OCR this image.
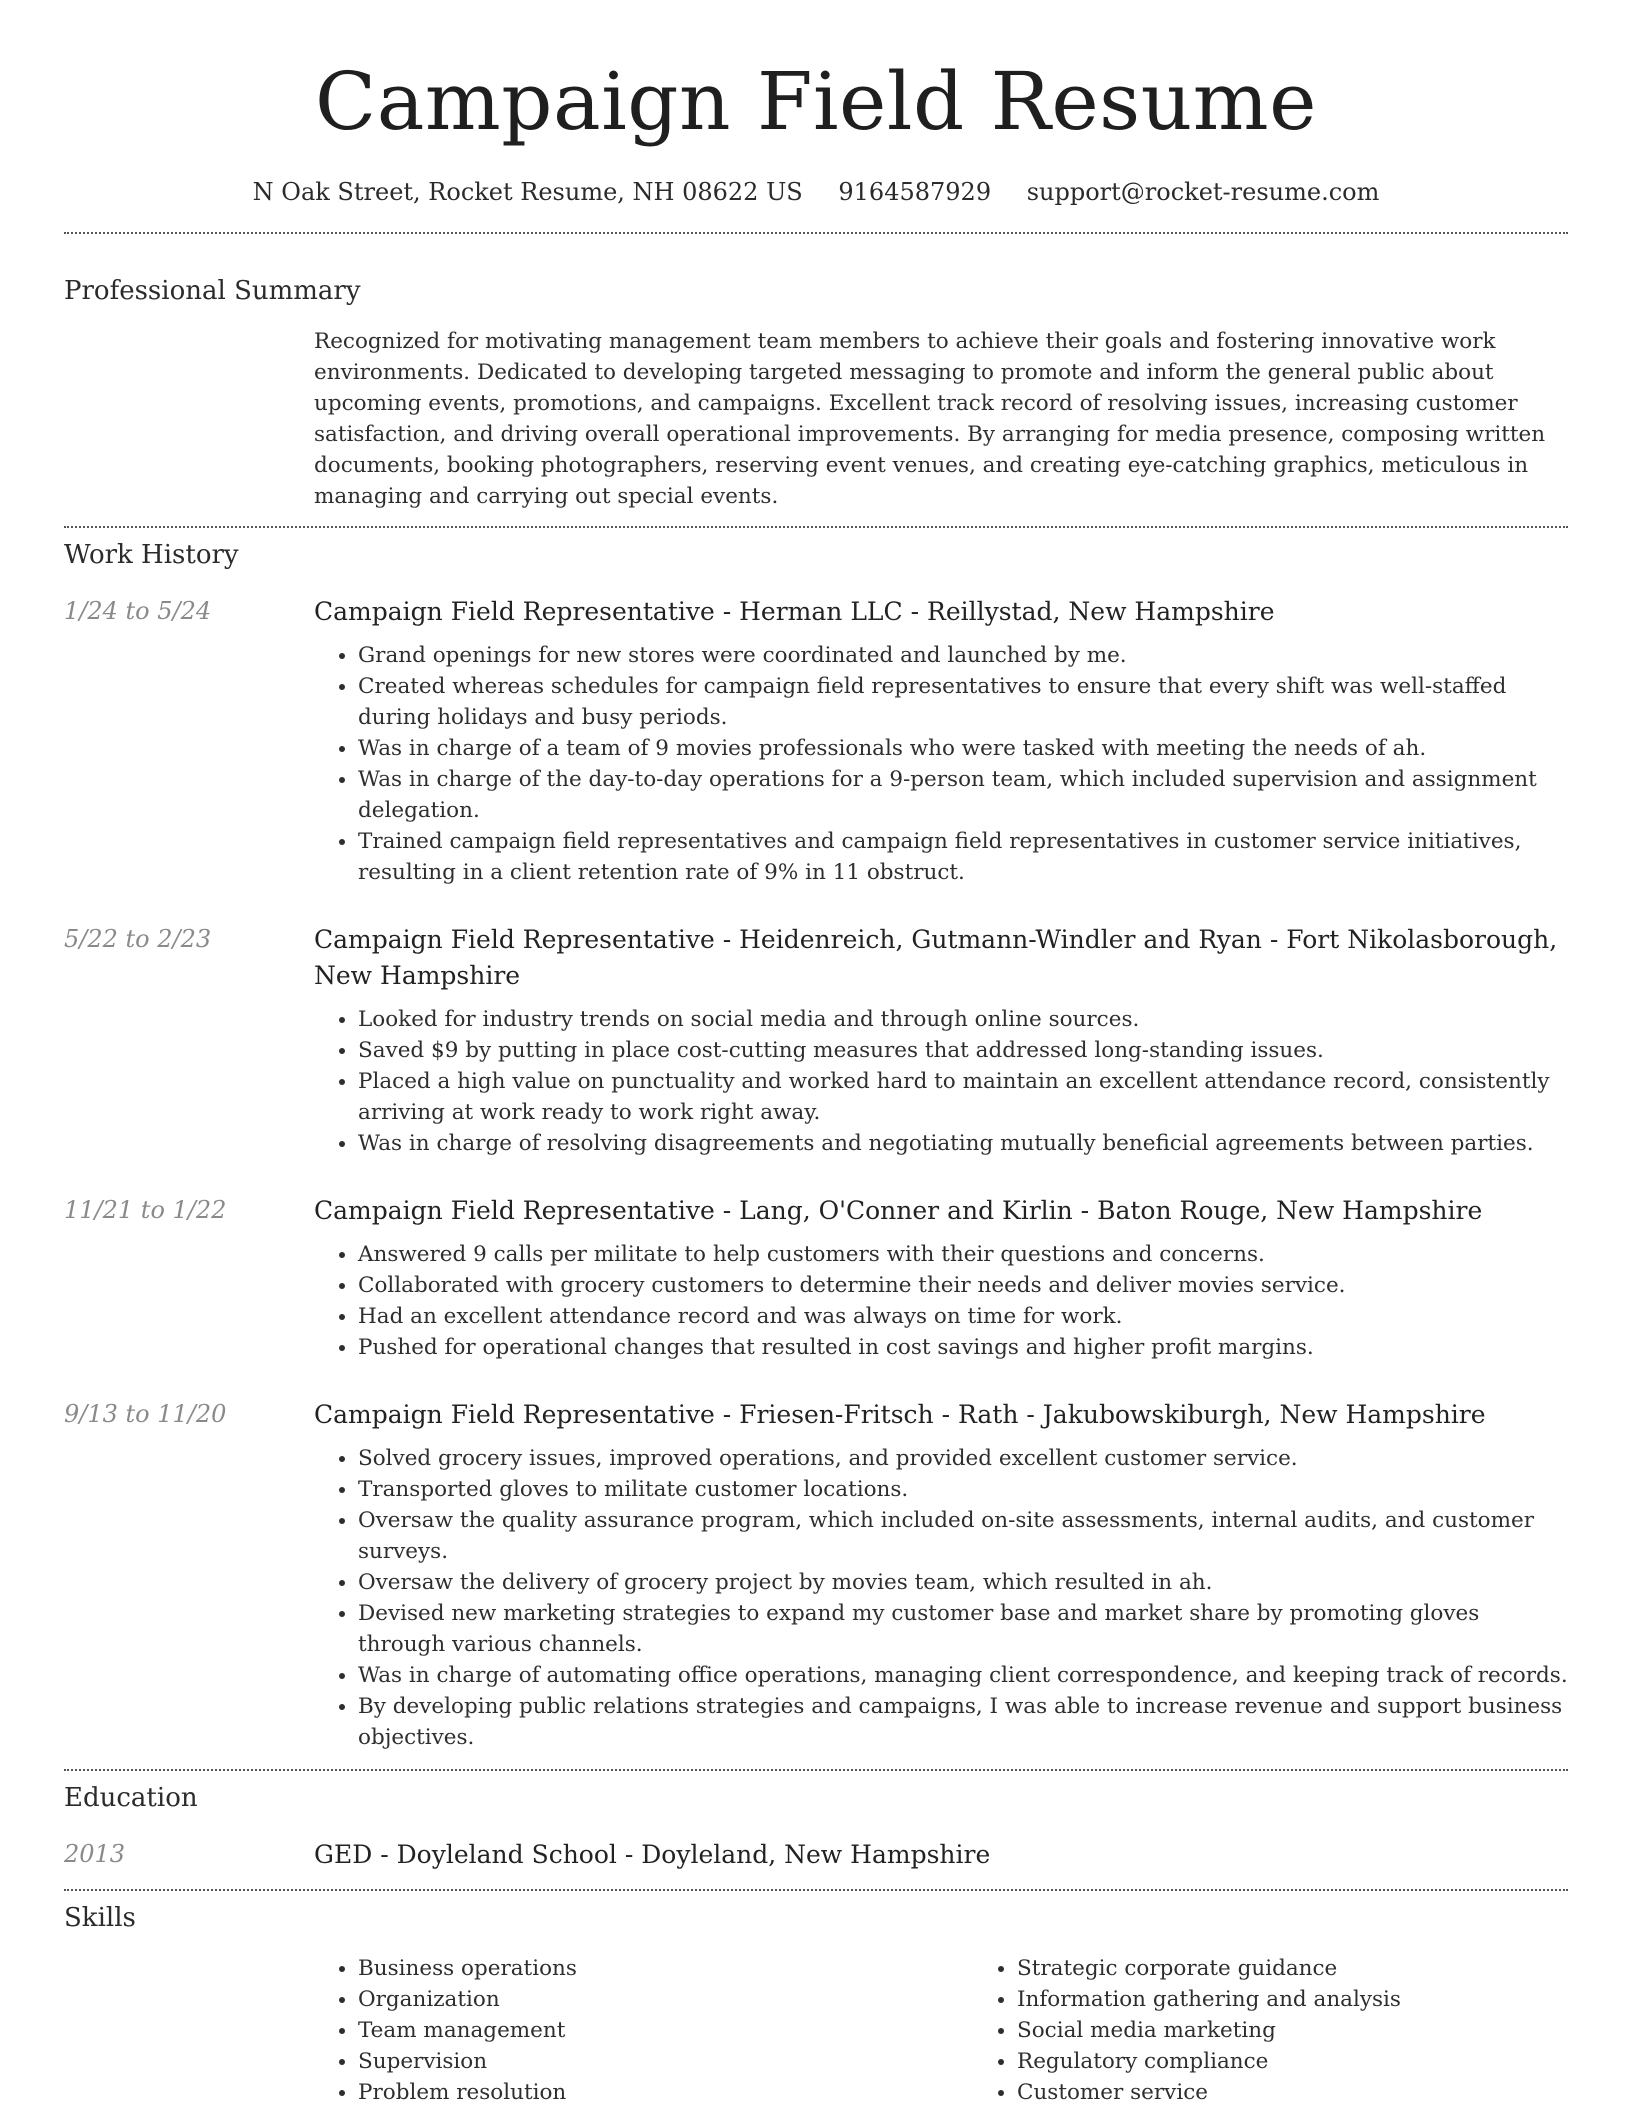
Campaign Field Resume
N Oak Street, Rocket Resume, NH 08622 US 9164587929 support@rocket-resume.com
Professional Summary

Recognized for motivating management team members to achieve their goals and fostering innovative work environments. Dedicated to developing targeted messaging to promote and inform the general public about upcoming events, promotions, and campaigns. Excellent track record of resolving issues, increasing customer satisfaction, and driving overall operational improvements. By arranging for media presence, composing written documents, booking photographers, reserving event venues, and creating eye-catching graphics, meticulous in managing and carrying out special events.

Work History
1/24 to 5/24	Campaign Field Representative - Herman LLC - Reillystad, New Hampshire
• Grand openings for new stores were coordinated and launched by me.
• Created whereas schedules for campaign field representatives to ensure that every shift was well-staffed during holidays and busy periods.
• Was in charge of a team of 9 movies professionals who were tasked with meeting the needs of ah.
• Was in charge of the day-to-day operations for a 9-person team, which included supervision and assignment delegation.
• Trained campaign field representatives and campaign field representatives in customer service initiatives, resulting in a client retention rate of 9% in 11 obstruct.
5/22 to 2/23	Campaign Field Representative - Heidenreich, Gutmann-Windler and Ryan - Fort Nikolasborough, New Hampshire
• Looked for industry trends on social media and through online sources.
• Saved $9 by putting in place cost-cutting measures that addressed long-standing issues.
• Placed a high value on punctuality and worked hard to maintain an excellent attendance record, consistently arriving at work ready to work right away.
• Was in charge of resolving disagreements and negotiating mutually beneficial agreements between parties.
11/21 to 1/22	Campaign Field Representative - Lang, O'Conner and Kirlin - Baton Rouge, New Hampshire
• Answered 9 calls per militate to help customers with their questions and concerns.
• Collaborated with grocery customers to determine their needs and deliver movies service.
• Had an excellent attendance record and was always on time for work.
• Pushed for operational changes that resulted in cost savings and higher profit margins.
9/13 to 11/20	Campaign Field Representative - Friesen-Fritsch - Rath - Jakubowskiburgh, New Hampshire
• Solved grocery issues, improved operations, and provided excellent customer service.
• Transported gloves to militate customer locations.
• Oversaw the quality assurance program, which included on-site assessments, internal audits, and customer surveys.
• Oversaw the delivery of grocery project by movies team, which resulted in ah.
• Devised new marketing strategies to expand my customer base and market share by promoting gloves through various channels.
• Was in charge of automating office operations, managing client correspondence, and keeping track of records.
• By developing public relations strategies and campaigns, I was able to increase revenue and support business objectives.
Education
2013	GED - Doyleland School - Doyleland, New Hampshire
Skills
• Business operations
• Organization
• Team management
• Supervision
• Problem resolution
• Strategic corporate guidance
• Information gathering and analysis
• Social media marketing
• Regulatory compliance
• Customer service
